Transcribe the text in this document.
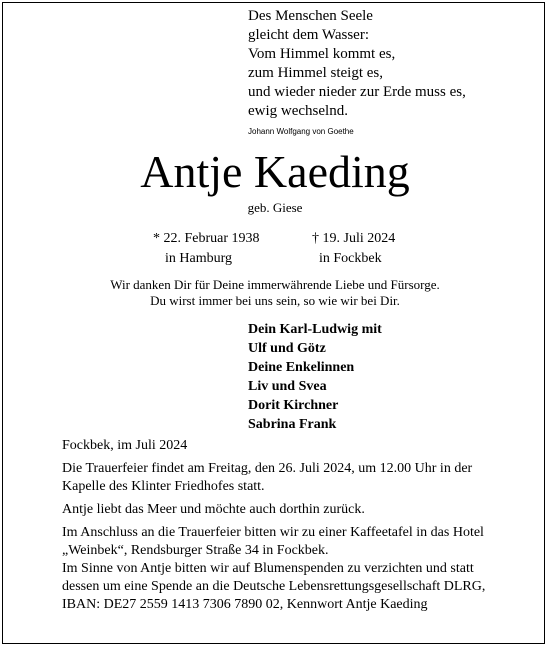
Des Menschen Seele
gleicht dem Wasser:
Vom Himmel kommt es,
zum Himmel steigt es,
und wieder nieder zur Erde muss es,
ewig wechselnd.
Johann Wolfgang von Goethe
Antje Kaeding
geb. Giese
* 22. Februar 1938
in Hamburg
† 19. Juli 2024
in Fockbek
Wir danken Dir für Deine immerwährende Liebe und Fürsorge.
Du wirst immer bei uns sein, so wie wir bei Dir.
Dein Karl-Ludwig mit
Ulf und Götz
Deine Enkelinnen
Liv und Svea
Dorit Kirchner
Sabrina Frank
Fockbek, im Juli 2024

Die Trauerfeier findet am Freitag, den 26. Juli 2024, um 12.00 Uhr in der Kapelle des Klinter Friedhofes statt.

Antje liebt das Meer und möchte auch dorthin zurück.

Im Anschluss an die Trauerfeier bitten wir zu einer Kaffeetafel in das Hotel „Weinbek“, Rendsburger Straße 34 in Fockbek.

Im Sinne von Antje bitten wir auf Blumenspenden zu verzichten und statt dessen um eine Spende an die Deutsche Lebensrettungsgesellschaft DLRG,

IBAN: DE27 2559 1413 7306 7890 02, Kennwort Antje Kaeding
